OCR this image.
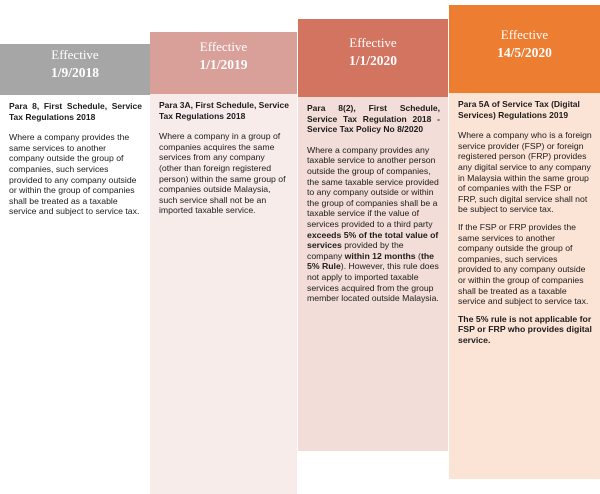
Effective
1/9/2018
Para 8, First Schedule, Service Tax Regulations 2018
Where a company provides the same services to another company outside the group of companies, such services provided to any company outside or within the group of companies shall be treated as a taxable service and subject to service tax.
Effective
1/1/2019
Para 3A, First Schedule, Service Tax Regulations 2018
Where a company in a group of companies acquires the same services from any company (other than foreign registered person) within the same group of companies outside Malaysia, such service shall not be an imported taxable service.
Effective
1/1/2020
Para 8(2), First Schedule, Service Tax Regulation 2018 - Service Tax Policy No 8/2020
Where a company provides any taxable service to another person outside the group of companies, the same taxable service provided to any company outside or within the group of companies shall be a taxable service if the value of services provided to a third party exceeds 5% of the total value of services provided by the company within 12 months (the 5% Rule). However, this rule does not apply to imported taxable services acquired from the group member located outside Malaysia.
Effective
14/5/2020
Para 5A of Service Tax (Digital Services) Regulations 2019
Where a company who is a foreign service provider (FSP) or foreign registered person (FRP) provides any digital service to any company in Malaysia within the same group of companies with the FSP or FRP, such digital service shall not be subject to service tax.
If the FSP or FRP provides the same services to another company outside the group of companies, such services provided to any company outside or within the group of companies shall be treated as a taxable service and subject to service tax.
The 5% rule is not applicable for FSP or FRP who provides digital service.
